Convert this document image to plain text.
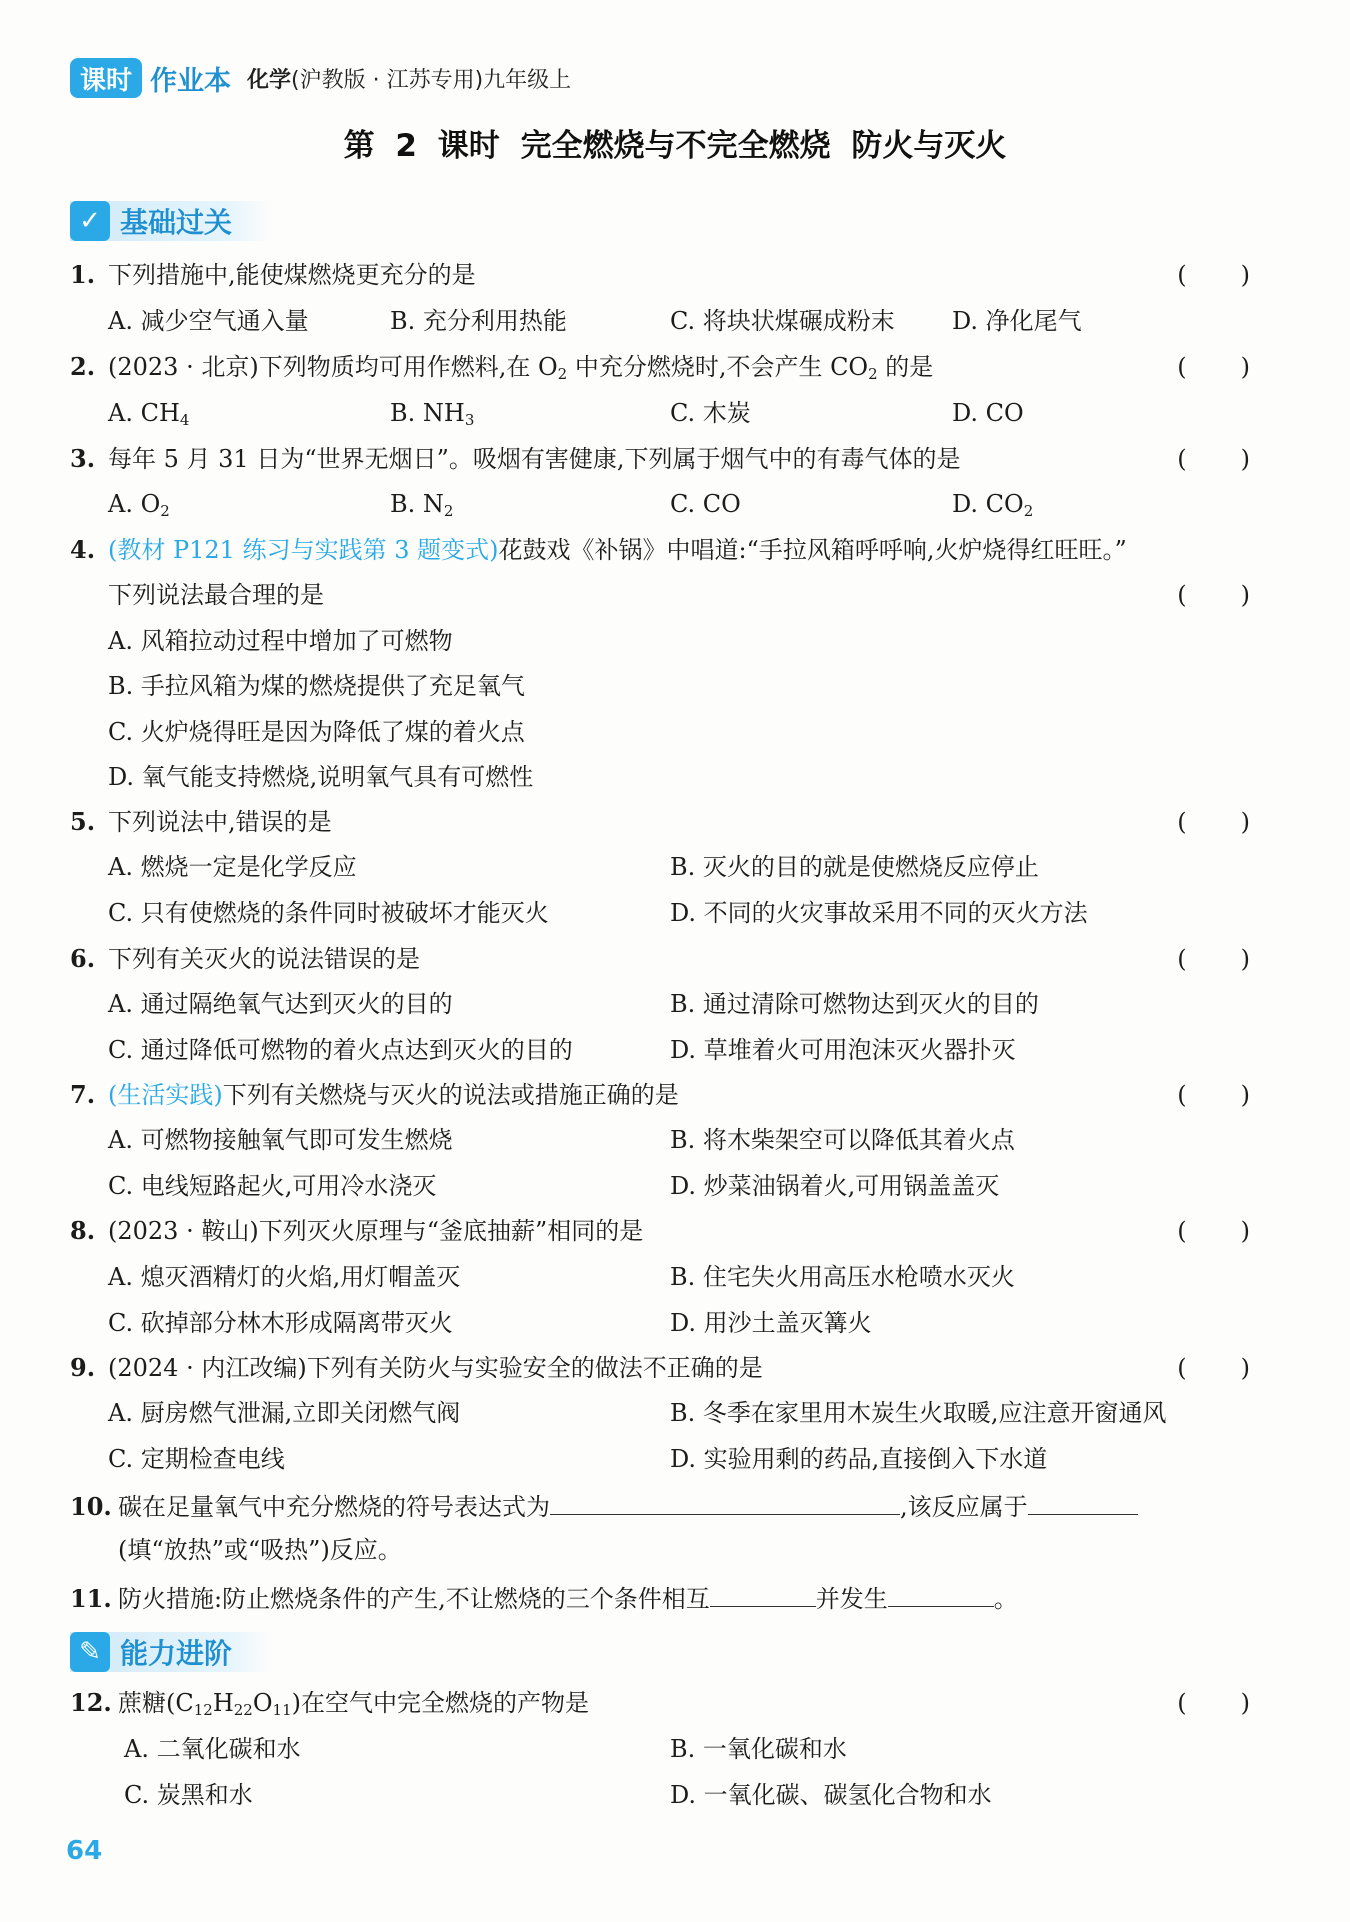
课时 作业本 化学(沪教版 · 江苏专用)九年级上
第 2 课时 完全燃烧与不完全燃烧 防火与灭火
✓ 基础过关
1. 下列措施中,能使煤燃烧更充分的是	( )
A. 减少空气通入量	B. 充分利用热能	C. 将块状煤碾成粉末 D. 净化尾气
2. (2023 · 北京)下列物质均可用作燃料,在 $O_2$ 中充分燃烧时,不会产生 $CO_2$ 的是	( )
A. $CH_4$	B. $NH_3$	C. 木炭	D. CO
3. 每年 5 月 31 日为“世界无烟日”。吸烟有害健康,下列属于烟气中的有毒气体的是	( )
A. $O_2$	B. $N_2$	C. CO	D. $CO_2$
4. (教材 P121 练习与实践第 3 题变式)花鼓戏《补锅》中唱道:“手拉风箱呼呼响,火炉烧得红旺旺。”
下列说法最合理的是	( )
A. 风箱拉动过程中增加了可燃物
B. 手拉风箱为煤的燃烧提供了充足氧气
C. 火炉烧得旺是因为降低了煤的着火点
D. 氧气能支持燃烧,说明氧气具有可燃性
5. 下列说法中,错误的是	( )
A. 燃烧一定是化学反应	B. 灭火的目的就是使燃烧反应停止
C. 只有使燃烧的条件同时被破坏才能灭火	D. 不同的火灾事故采用不同的灭火方法
6. 下列有关灭火的说法错误的是	( )
A. 通过隔绝氧气达到灭火的目的	B. 通过清除可燃物达到灭火的目的
C. 通过降低可燃物的着火点达到灭火的目的	D. 草堆着火可用泡沫灭火器扑灭
7. (生活实践)下列有关燃烧与灭火的说法或措施正确的是	( )
A. 可燃物接触氧气即可发生燃烧	B. 将木柴架空可以降低其着火点
C. 电线短路起火,可用冷水浇灭	D. 炒菜油锅着火,可用锅盖盖灭
8. (2023 · 鞍山)下列灭火原理与“釜底抽薪”相同的是	( )
A. 熄灭酒精灯的火焰,用灯帽盖灭	B. 住宅失火用高压水枪喷水灭火
C. 砍掉部分林木形成隔离带灭火	D. 用沙土盖灭篝火
9. (2024 · 内江改编)下列有关防火与实验安全的做法不正确的是	( )
A. 厨房燃气泄漏,立即关闭燃气阀	B. 冬季在家里用木炭生火取暖,应注意开窗通风
C. 定期检查电线	D. 实验用剩的药品,直接倒入下水道
10. 碳在足量氧气中充分燃烧的符号表达式为	,该反应属于
(填“放热”或“吸热”)反应。
11. 防火措施:防止燃烧条件的产生,不让燃烧的三个条件相互	并发生	。
✎ 能力进阶
12. 蔗糖$(C_{12}H_{22}O_{11})$在空气中完全燃烧的产物是	( )
A. 二氧化碳和水	B. 一氧化碳和水
C. 炭黑和水	D. 一氧化碳、碳氢化合物和水
64
